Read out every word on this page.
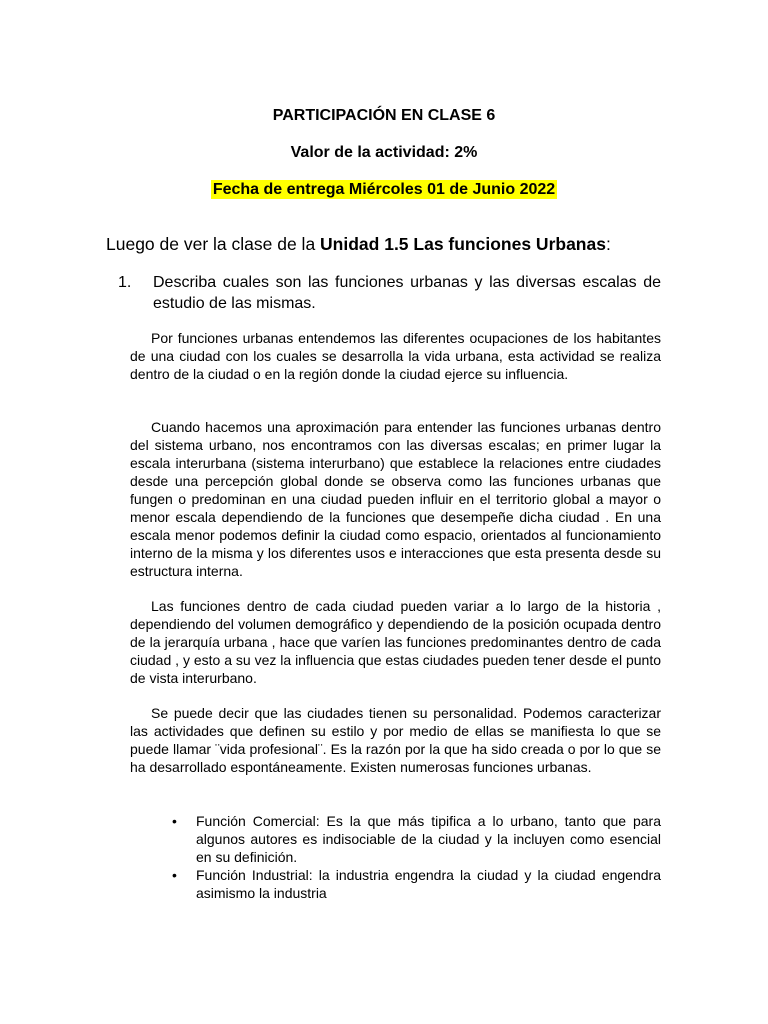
PARTICIPACIÓN EN CLASE 6
Valor de la actividad: 2%
Fecha de entrega Miércoles 01 de Junio 2022
Luego de ver la clase de la Unidad 1.5 Las funciones Urbanas:
1. Describa cuales son las funciones urbanas y las diversas escalas de estudio de las mismas.

Por funciones urbanas entendemos las diferentes ocupaciones de los habitantes de una ciudad con los cuales se desarrolla la vida urbana, esta actividad se realiza dentro de la ciudad o en la región donde la ciudad ejerce su influencia.

Cuando hacemos una aproximación para entender las funciones urbanas dentro del sistema urbano, nos encontramos con las diversas escalas; en primer lugar la escala interurbana (sistema interurbano) que establece la relaciones entre ciudades desde una percepción global donde se observa como las funciones urbanas que fungen o predominan en una ciudad pueden influir en el territorio global a mayor o menor escala dependiendo de la funciones que desempeñe dicha ciudad . En una escala menor podemos definir la ciudad como espacio, orientados al funcionamiento interno de la misma y los diferentes usos e interacciones que esta presenta desde su estructura interna.

Las funciones dentro de cada ciudad pueden variar a lo largo de la historia , dependiendo del volumen demográfico y dependiendo de la posición ocupada dentro de la jerarquía urbana , hace que varíen las funciones predominantes dentro de cada ciudad , y esto a su vez la influencia que estas ciudades pueden tener desde el punto de vista interurbano.

Se puede decir que las ciudades tienen su personalidad. Podemos caracterizar las actividades que definen su estilo y por medio de ellas se manifiesta lo que se puede llamar ¨vida profesional¨. Es la razón por la que ha sido creada o por lo que se ha desarrollado espontáneamente. Existen numerosas funciones urbanas.

•	Función Comercial: Es la que más tipifica a lo urbano, tanto que para algunos autores es indisociable de la ciudad y la incluyen como esencial en su definición.
•	Función Industrial: la industria engendra la ciudad y la ciudad engendra asimismo la industria
